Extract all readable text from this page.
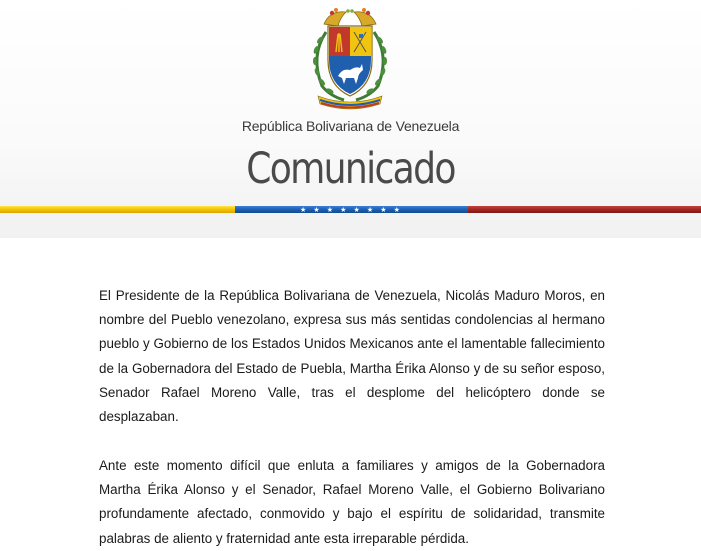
República Bolivariana de Venezuela
Comunicado
★ ★ ★ ★ ★ ★ ★ ★

El Presidente de la República Bolivariana de Venezuela, Nicolás Maduro Moros, en nombre del Pueblo venezolano, expresa sus más sentidas condolencias al hermano pueblo y Gobierno de los Estados Unidos Mexicanos ante el lamentable fallecimiento de la Gobernadora del Estado de Puebla, Martha Érika Alonso y de su señor esposo, Senador Rafael Moreno Valle, tras el desplome del helicóptero donde se desplazaban.

Ante este momento difícil que enluta a familiares y amigos de la Gobernadora Martha Érika Alonso y el Senador, Rafael Moreno Valle, el Gobierno Bolivariano profundamente afectado, conmovido y bajo el espíritu de solidaridad, transmite palabras de aliento y fraternidad ante esta irreparable pérdida.
